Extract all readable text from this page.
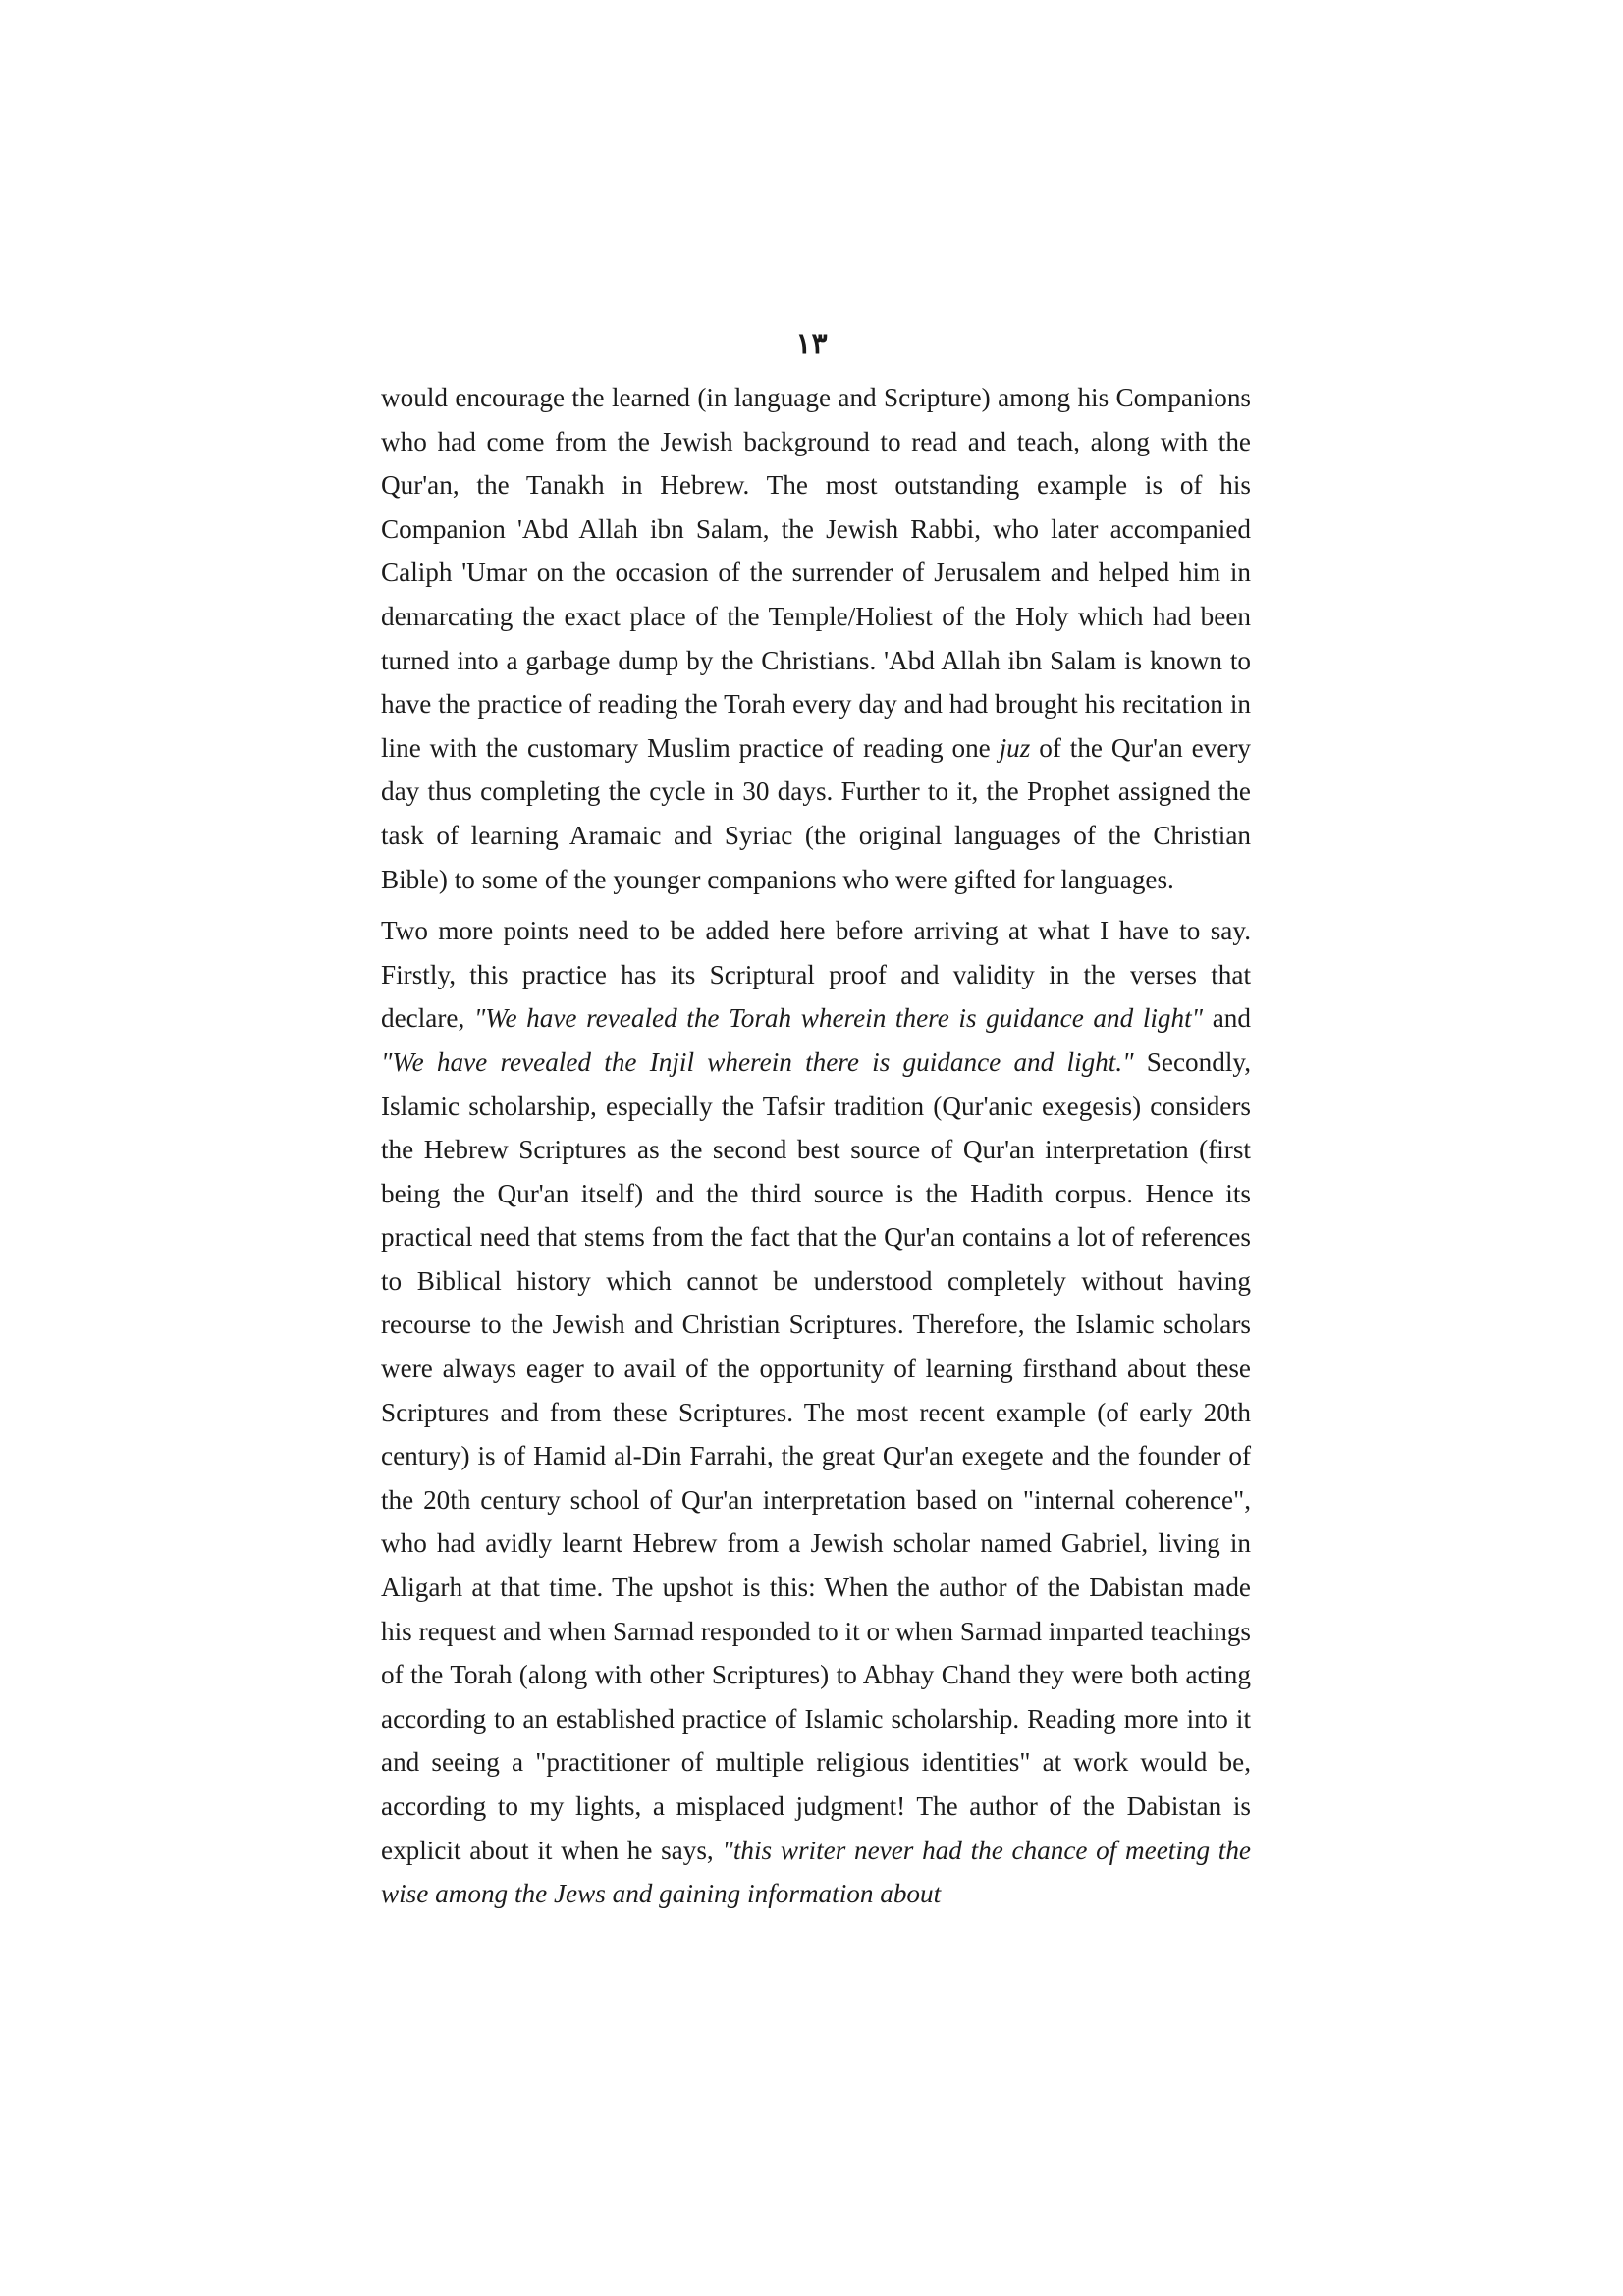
۱۳

would encourage the learned (in language and Scripture) among his Companions who had come from the Jewish background to read and teach, along with the Qur'an, the Tanakh in Hebrew. The most outstanding example is of his Companion 'Abd Allah ibn Salam, the Jewish Rabbi, who later accompanied Caliph 'Umar on the occasion of the surrender of Jerusalem and helped him in demarcating the exact place of the Temple/Holiest of the Holy which had been turned into a garbage dump by the Christians. 'Abd Allah ibn Salam is known to have the practice of reading the Torah every day and had brought his recitation in line with the customary Muslim practice of reading one juz of the Qur'an every day thus completing the cycle in 30 days. Further to it, the Prophet assigned the task of learning Aramaic and Syriac (the original languages of the Christian Bible) to some of the younger companions who were gifted for languages.

Two more points need to be added here before arriving at what I have to say. Firstly, this practice has its Scriptural proof and validity in the verses that declare, "We have revealed the Torah wherein there is guidance and light" and "We have revealed the Injil wherein there is guidance and light." Secondly, Islamic scholarship, especially the Tafsir tradition (Qur'anic exegesis) considers the Hebrew Scriptures as the second best source of Qur'an interpretation (first being the Qur'an itself) and the third source is the Hadith corpus. Hence its practical need that stems from the fact that the Qur'an contains a lot of references to Biblical history which cannot be understood completely without having recourse to the Jewish and Christian Scriptures. Therefore, the Islamic scholars were always eager to avail of the opportunity of learning firsthand about these Scriptures and from these Scriptures. The most recent example (of early 20th century) is of Hamid al-Din Farrahi, the great Qur'an exegete and the founder of the 20th century school of Qur'an interpretation based on "internal coherence", who had avidly learnt Hebrew from a Jewish scholar named Gabriel, living in Aligarh at that time. The upshot is this: When the author of the Dabistan made his request and when Sarmad responded to it or when Sarmad imparted teachings of the Torah (along with other Scriptures) to Abhay Chand they were both acting according to an established practice of Islamic scholarship. Reading more into it and seeing a "practitioner of multiple religious identities" at work would be, according to my lights, a misplaced judgment! The author of the Dabistan is explicit about it when he says, "this writer never had the chance of meeting the wise among the Jews and gaining information about
